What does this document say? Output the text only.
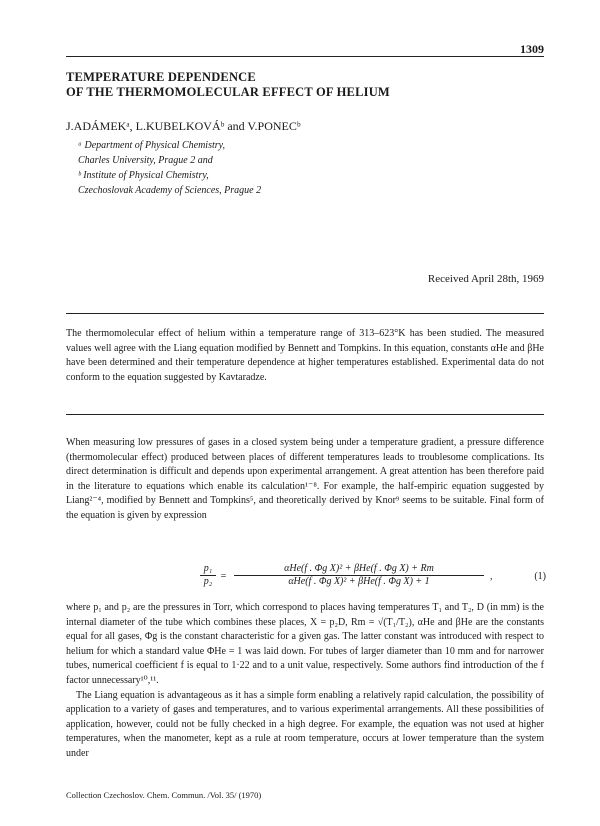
1309
TEMPERATURE DEPENDENCE
OF THE THERMOMOLECULAR EFFECT OF HELIUM
J.ADÁMEKᵃ, L.KUBELKOVÁᵇ and V.PONECᵇ
ᵃ Department of Physical Chemistry,
Charles University, Prague 2 and
ᵇ Institute of Physical Chemistry,
Czechoslovak Academy of Sciences, Prague 2
Received April 28th, 1969
The thermomolecular effect of helium within a temperature range of 313–623°K has been studied. The measured values well agree with the Liang equation modified by Bennett and Tompkins. In this equation, constants αHe and βHe have been determined and their temperature dependence at higher temperatures established. Experimental data do not conform to the equation suggested by Kavtaradze.
When measuring low pressures of gases in a closed system being under a temperature gradient, a pressure difference (thermomolecular effect) produced between places of different temperatures leads to troublesome complications. Its direct determination is difficult and depends upon experimental arrangement. A great attention has been therefore paid in the literature to equations which enable its calculation¹⁻⁸. For example, the half-empiric equation suggested by Liang²⁻⁴, modified by Bennett and Tompkins⁵, and theoretically derived by Knor⁹ seems to be suitable. Final form of the equation is given by expression
$\frac{\text{p₁}}{\text{p₂}}$ =
αHe(f . Φg X)² + βHe(f . Φg X) + Rm
αHe(f . Φg X)² + βHe(f . Φg X) + 1	,	(1)

where p₁ and p₂ are the pressures in Torr, which correspond to places having temperatures T₁ and T₂, D (in mm) is the internal diameter of the tube which combines these places, X = p₂D, Rm = √(T₁/T₂), αHe and βHe are the constants equal for all gases, Φg is the constant characteristic for a given gas. The latter constant was introduced with respect to helium for which a standard value ΦHe = 1 was laid down. For tubes of larger diameter than 10 mm and for narrower tubes, numerical coefficient f is equal to 1·22 and to a unit value, respectively. Some authors find introduction of the f factor unnecessary¹⁰,¹¹.

The Liang equation is advantageous as it has a simple form enabling a relatively rapid calculation, the possibility of application to a variety of gases and temperatures, and to various experimental arrangements. All these possibilities of application, however, could not be fully checked in a high degree. For example, the equation was not used at higher temperatures, when the manometer, kept as a rule at room temperature, occurs at lower temperature than the system under

Collection Czechoslov. Chem. Commun. /Vol. 35/ (1970)
